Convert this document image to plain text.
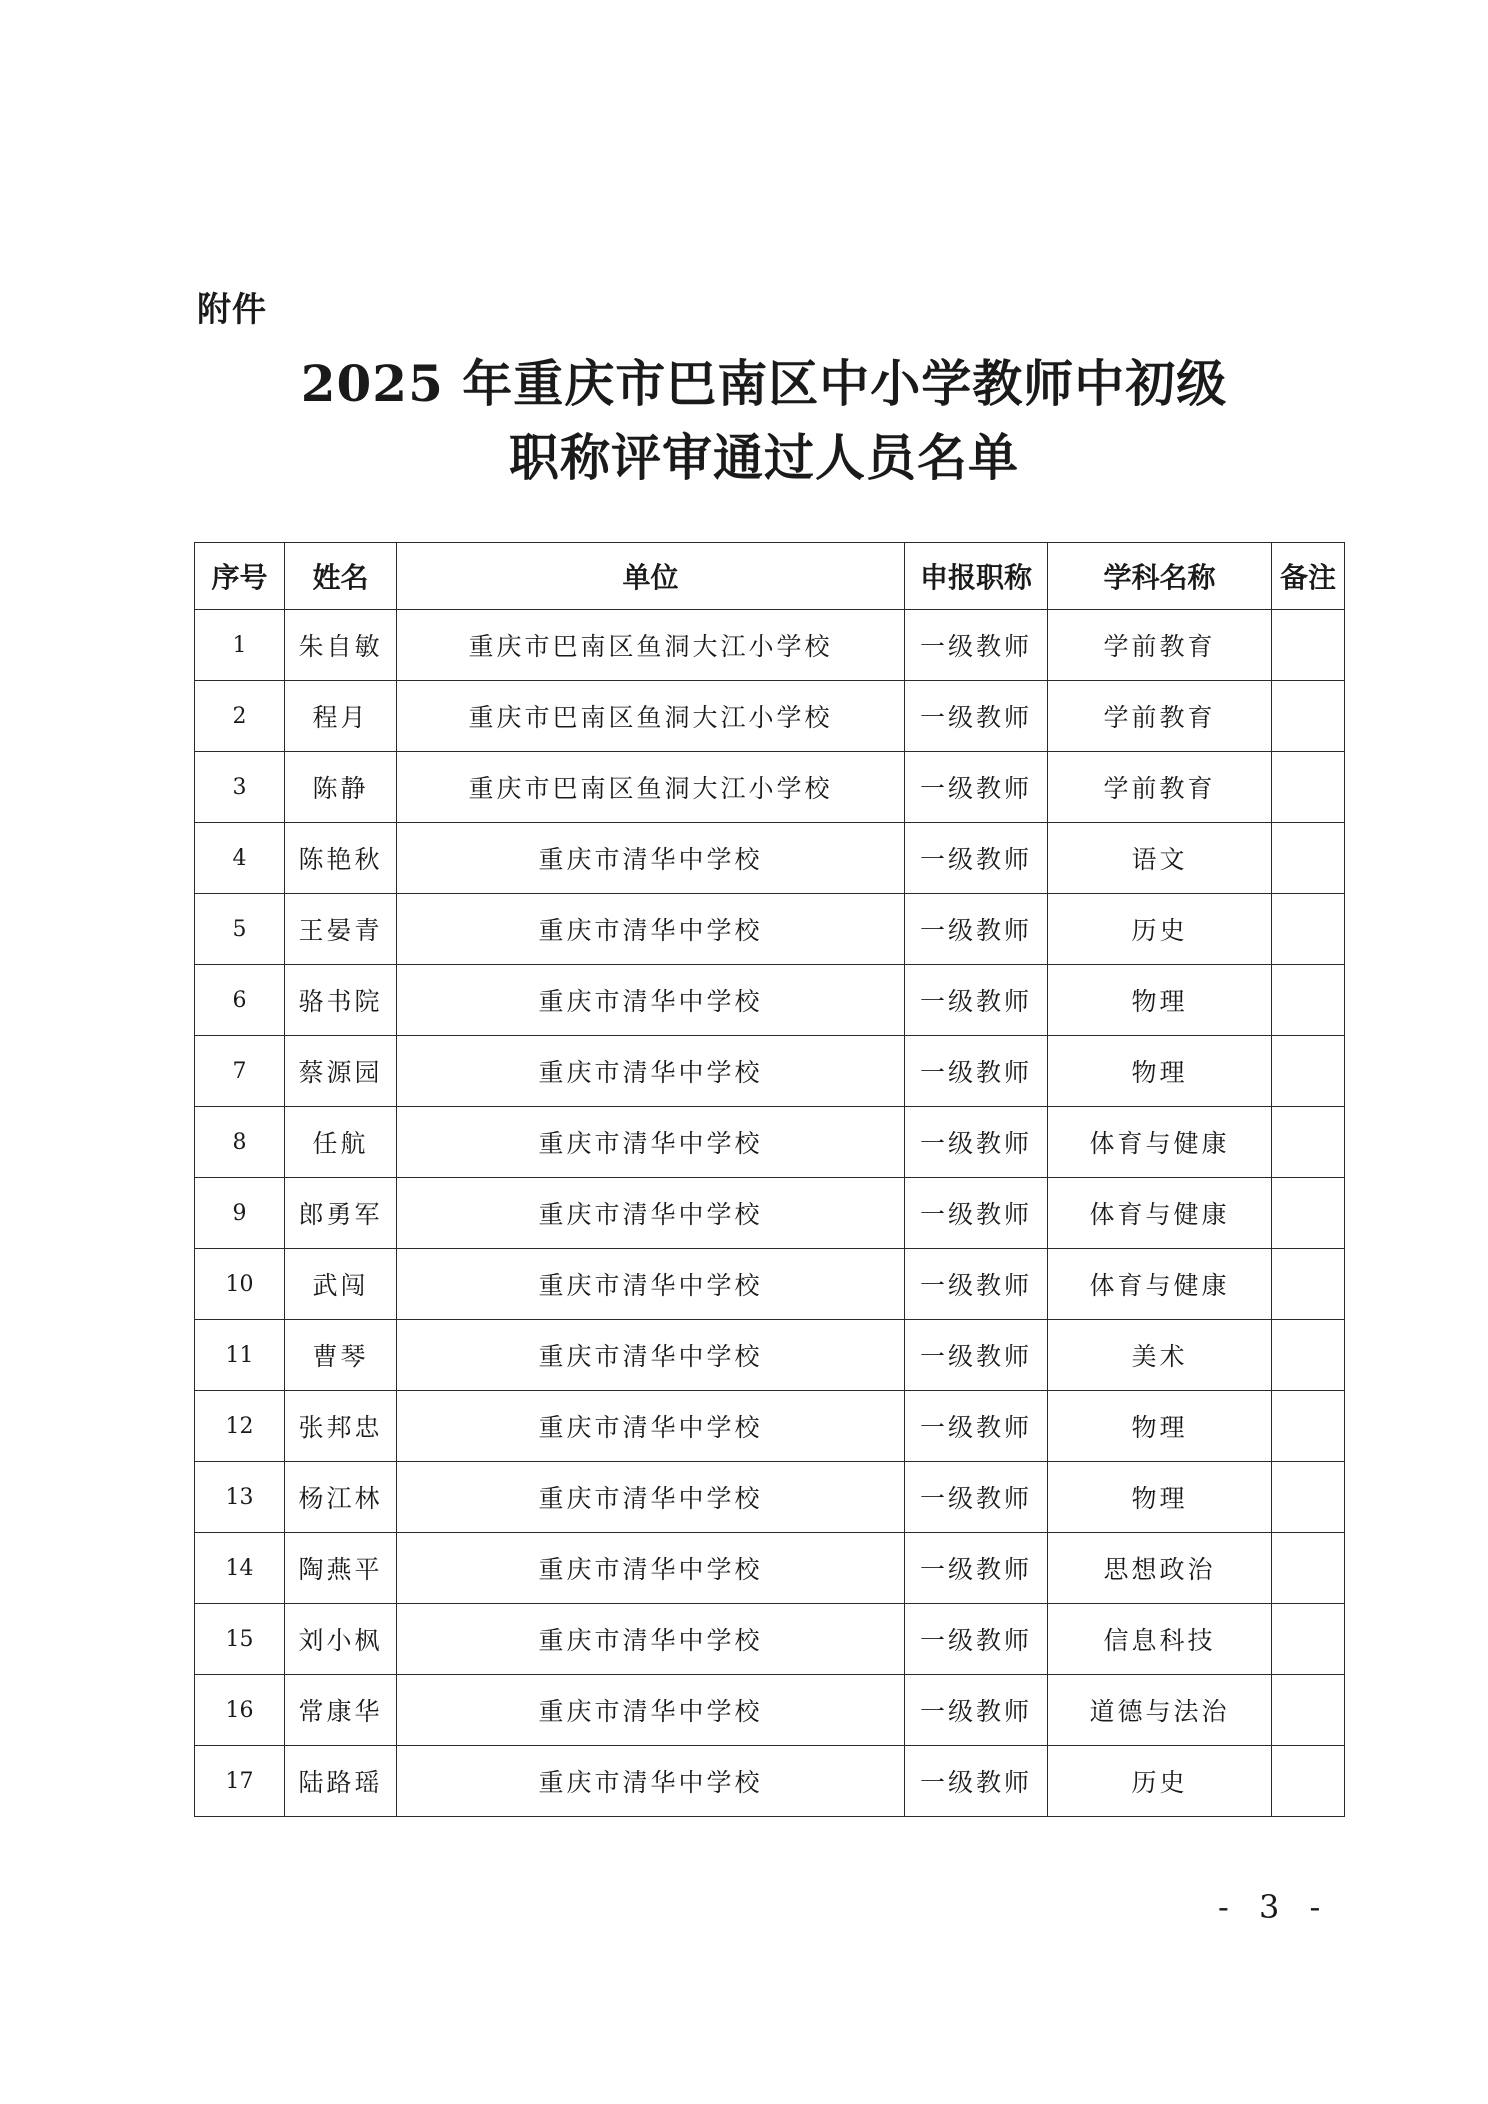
附件
2025 年重庆市巴南区中小学教师中初级
职称评审通过人员名单
序号	姓名	单位	申报职称	学科名称	备注
1	朱自敏	重庆市巴南区鱼洞大江小学校	一级教师	学前教育	
2	程月	重庆市巴南区鱼洞大江小学校	一级教师	学前教育	
3	陈静	重庆市巴南区鱼洞大江小学校	一级教师	学前教育	
4	陈艳秋	重庆市清华中学校	一级教师	语文	
5	王晏青	重庆市清华中学校	一级教师	历史	
6	骆书院	重庆市清华中学校	一级教师	物理	
7	蔡源园	重庆市清华中学校	一级教师	物理	
8	任航	重庆市清华中学校	一级教师	体育与健康	
9	郎勇军	重庆市清华中学校	一级教师	体育与健康	
10	武闯	重庆市清华中学校	一级教师	体育与健康	
11	曹琴	重庆市清华中学校	一级教师	美术	
12	张邦忠	重庆市清华中学校	一级教师	物理	
13	杨江林	重庆市清华中学校	一级教师	物理	
14	陶燕平	重庆市清华中学校	一级教师	思想政治	
15	刘小枫	重庆市清华中学校	一级教师	信息科技	
16	常康华	重庆市清华中学校	一级教师	道德与法治	
17	陆路瑶	重庆市清华中学校	一级教师	历史	
- 3 -
